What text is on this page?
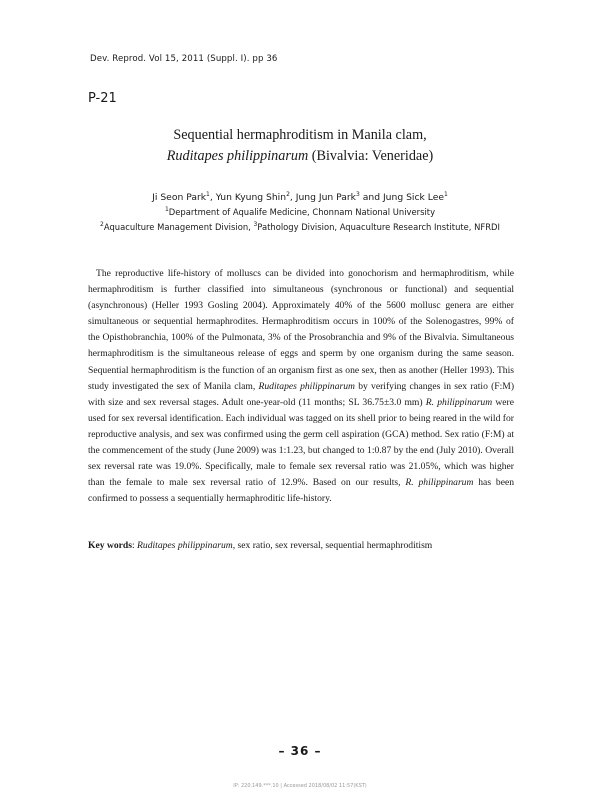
Dev. Reprod. Vol 15, 2011 (Suppl. I). pp 36
P-21
Sequential hermaphroditism in Manila clam,
Ruditapes philippinarum (Bivalvia: Veneridae)
Ji Seon Park$^1$, Yun Kyung Shin$^2$, Jung Jun Park$^3$ and Jung Sick Lee$^1$
$^1$Department of Aqualife Medicine, Chonnam National University
$^2$Aquaculture Management Division, $^3$Pathology Division, Aquaculture Research Institute, NFRDI

The reproductive life-history of molluscs can be divided into gonochorism and hermaphroditism, while hermaphroditism is further classified into simultaneous (synchronous or functional) and sequential (asynchronous) (Heller 1993 Gosling 2004). Approximately 40% of the 5600 mollusc genera are either simultaneous or sequential hermaphrodites. Hermaphroditism occurs in 100% of the Solenogastres, 99% of the Opisthobranchia, 100% of the Pulmonata, 3% of the Prosobranchia and 9% of the Bivalvia. Simultaneous hermaphroditism is the simultaneous release of eggs and sperm by one organism during the same season. Sequential hermaphroditism is the function of an organism first as one sex, then as another (Heller 1993). This study investigated the sex of Manila clam, Ruditapes philippinarum by verifying changes in sex ratio (F:M) with size and sex reversal stages. Adult one-year-old (11 months; SL 36.75±3.0 mm) R. philippinarum were used for sex reversal identification. Each individual was tagged on its shell prior to being reared in the wild for reproductive analysis, and sex was confirmed using the germ cell aspiration (GCA) method. Sex ratio (F:M) at the commencement of the study (June 2009) was 1:1.23, but changed to 1:0.87 by the end (July 2010). Overall sex reversal rate was 19.0%. Specifically, male to female sex reversal ratio was 21.05%, which was higher than the female to male sex reversal ratio of 12.9%. Based on our results, R. philippinarum has been confirmed to possess a sequentially hermaphroditic life-history.

Key words: Ruditapes philippinarum, sex ratio, sex reversal, sequential hermaphroditism
– 36 –
IP: 220.149.***.10 | Accessed 2018/08/02 11:57(KST)
